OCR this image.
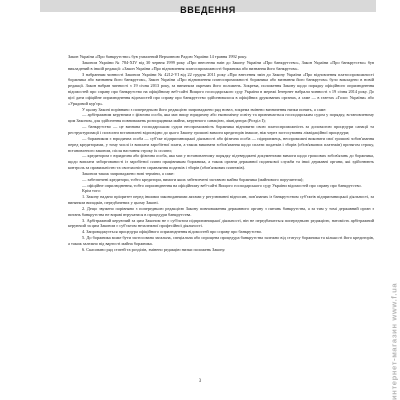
ВВЕДЕННЯ

Закон України «Про банкрутство» був ухвалений Верховною Радою України 14 травня 1992 року.

Законом України № 784-XIV від 30 червня 1999 року «Про внесення змін до Закону України «Про банкрутство», Закон України «Про банкрутство» був викладений в іншій редакції: «Закон України «Про відновлення платоспроможності боржника або визнання його банкрутом».

З набранням чинності Законом України № 4212-VI від 22 грудня 2011 року «Про внесення змін до Закону України «Про відновлення платоспроможності боржника або визнання його банкрутом», Закон України «Про відновлення платоспроможності боржника або визнання його банкрутом» було викладено в новій редакції. Закон набрав чинності з 19 січня 2013 року, за винятком окремих його положень. Зокрема, положення Закону щодо порядку офіційного оприлюднення відомостей про справу про банкрутство на офіційному веб-сайті Вищого господарського суду України в мережі Інтернет набрали чинності з 19 січня 2014 року. До цієї дати офіційне оприлюднення відомостей про справу про банкрутство здійснювалося в офіційних друкованих органах, а саме — в газетах «Голос України» або «Урядовий кур'єр».

У цьому Законі порівняно з попередньою його редакцією запроваджено ряд новел, зокрема змінено визначення низки понять, а саме:

— арбітражним керуючим є фізична особа, яка має вищу юридичну або економічну освіту та призначається господарським судом у порядку, встановленому цим Законом, для здійснення повноважень розпорядника майна, керуючого санацією, ліквідатора (Розділ І);

— банкрутство — це визнана господарським судом неспроможність боржника відновити свою платоспроможність за допомогою процедури санації та реструктуризації і погасити встановлені відповідно до цього Закону грошові вимоги кредиторів інакше, ніж через застосування ліквідаційної процедури;

— боржником є юридична особа — суб'єкт підприємницької діяльності або фізична особа — підприємець, неспроможні виконати свої грошові зобов'язання перед кредиторами, у тому числі із виплати заробітної плати, а також виконати зобов'язання щодо сплати податків і зборів (обов'язкових платежів) протягом строку, встановленого законом, після настання строку їх сплати;

— кредитором є юридична або фізична особа, яка має у встановленому порядку підтверджені документами вимоги щодо грошових зобов'язань до боржника, щодо виплати заборгованості із заробітної плати працівникам боржника, а також органи державної податкової служби та інші державні органи, які здійснюють контроль за правильністю та своєчасністю справляння податків і зборів (обов'язкових платежів).

Законом також запроваджено нові терміни, а саме:

— забезпечені кредитори, тобто кредитори, вимоги яких забезпечені заставою майна боржника (майнового поручителя);

— офіційне оприлюднення, тобто оприлюднення на офіційному веб-сайті Вищого господарського суду України відомостей про справу про банкрутство.

Крім того:

1. Закону надано пріоритет перед іншими законодавчими актами у регулюванні відносин, пов'язаних із банкрутством суб'єктів підприємницької діяльності, за винятком випадків, передбачених у цьому Законі.

2. Дещо звужено порівняно з попередньою редакцією Закону повноваження державного органу з питань банкрутства, а за тим у томі державний орган з питань банкрутства не вправі втручатися в процедури банкрутства.

3. Арбітражний керуючий за цим Законом не є суб'єктом підприємницької діяльності, він не передбачається попередньою редакцією, натомість арбітражний керуючий за цим Законом є суб'єктом незалежної професійної діяльності.

4. Запроваджується процедура офіційного оприлюднення відомостей про справу про банкрутство.

5. До боржника може бути застосована загальна, спеціальна або спрощена процедура банкрутства залежно від статусу боржника та кількості його кредиторів, а також залежно від вартості майна боржника.

6. Скасовано ряд статей та розділів, змінено редакцію низки положень Закону.

3	интернет-магазин www.f.ua
